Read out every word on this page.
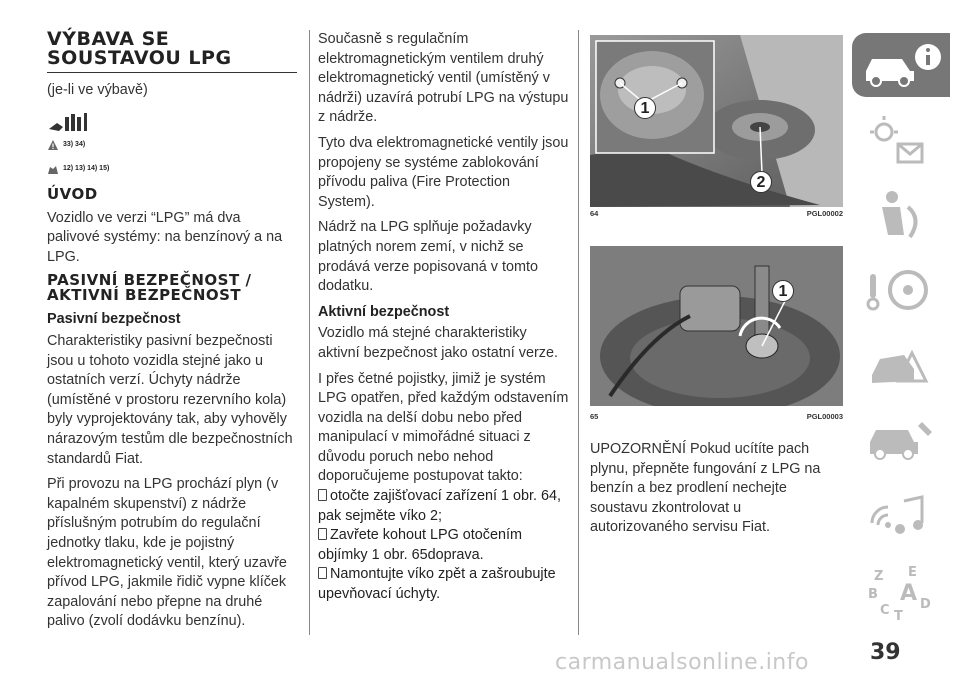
VÝBAVA SE
SOUSTAVOU LPG

(je-li ve výbavě)

33) 34)
12) 13) 14) 15)
ÚVOD

Vozidlo ve verzi “LPG” má dva palivové systémy: na benzínový a na LPG.

PASIVNÍ BEZPEČNOST / AKTIVNÍ BEZPEČNOST
Pasivní bezpečnost

Charakteristiky pasivní bezpečnosti jsou u tohoto vozidla stejné jako u ostatních verzí. Úchyty nádrže (umístěné v prostoru rezervního kola) byly vyprojektovány tak, aby vyhověly nárazovým testům dle bezpečnostních standardů Fiat.

Při provozu na LPG prochází plyn (v kapalném skupenství) z nádrže příslušným potrubím do regulační jednotky tlaku, kde je pojistný elektromagnetický ventil, který uzavře přívod LPG, jakmile řidič vypne klíček zapalování nebo přepne na druhé palivo (zvolí dodávku benzínu).

Současně s regulačním elektromagnetickým ventilem druhý elektromagnetický ventil (umístěný v nádrži) uzavírá potrubí LPG na výstupu z nádrže.

Tyto dva elektromagnetické ventily jsou propojeny se systéme zablokování přívodu paliva (Fire Protection System).

Nádrž na LPG splňuje požadavky platných norem zemí, v nichž se prodává verze popisovaná v tomto dodatku.

Aktivní bezpečnost

Vozidlo má stejné charakteristiky aktivní bezpečnost jako ostatní verze.

I přes četné pojistky, jimiž je systém LPG opatřen, před každým odstavením vozidla na delší dobu nebo před manipulací v mimořádné situaci z důvodu poruch nebo nehod doporučujeme postupovat takto:

otočte zajišťovací zařízení 1 obr. 64, pak sejměte víko 2;
Zavřete kohout LPG otočením objímky 1 obr. 65doprava.
Namontujte víko zpět a zašroubujte upevňovací úchyty.
1
2
64	PGL00002
1
65	PGL00003

UPOZORNĚNÍ Pokud ucítíte pach plynu, přepněte fungování z LPG na benzín a bez prodlení nechejte soustavu zkontrolovat u autorizovaného servisu Fiat.

Z E
B A
C D
T
39
carmanualsonline.info
